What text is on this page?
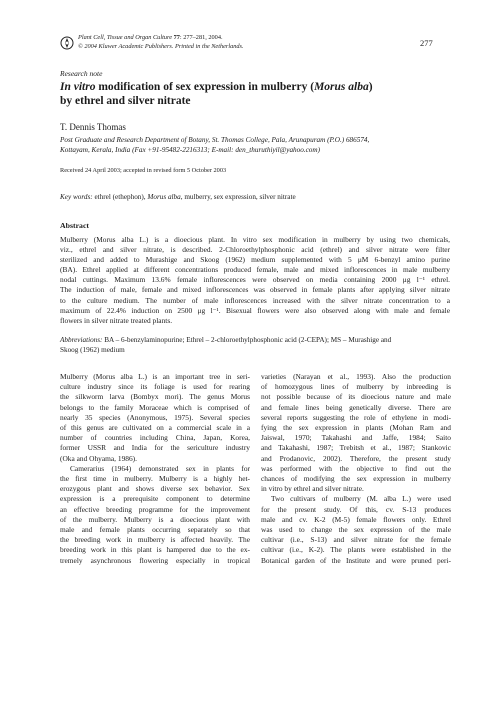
Plant Cell, Tissue and Organ Culture 77: 277–281, 2004.
© 2004 Kluwer Academic Publishers. Printed in the Netherlands.	277
Research note
In vitro modification of sex expression in mulberry (Morus alba)
by ethrel and silver nitrate
T. Dennis Thomas
Post Graduate and Research Department of Botany, St. Thomas College, Pala, Arunapuram (P.O.) 686574,
Kottayam, Kerala, India (Fax +91-95482-2216313; E-mail: den_thuruthiyil@yahoo.com)
Received 24 April 2003; accepted in revised form 5 October 2003
Key words: ethrel (ethephon), Morus alba, mulberry, sex expression, silver nitrate
Abstract
Mulberry (Morus alba L.) is a dioecious plant. In vitro sex modification in mulberry by using two chemicals,
viz., ethrel and silver nitrate, is described. 2-Chloroethylphosphonic acid (ethrel) and silver nitrate were filter
sterilized and added to Murashige and Skoog (1962) medium supplemented with 5 μM 6-benzyl amino purine
(BA). Ethrel applied at different concentrations produced female, male and mixed inflorescences in male mulberry
nodal cuttings. Maximum 13.6% female inflorescences were observed on media containing 2000 μg l⁻¹ ethrel.
The induction of male, female and mixed inflorescences was observed in female plants after applying silver nitrate
to the culture medium. The number of male inflorescences increased with the silver nitrate concentration to a
maximum of 22.4% induction on 2500 μg l⁻¹. Bisexual flowers were also observed along with male and female
flowers in silver nitrate treated plants.
Abbreviations: BA – 6-benzylaminopurine; Ethrel – 2-chloroethylphosphonic acid (2-CEPA); MS – Murashige and
Skoog (1962) medium
Mulberry (Morus alba L.) is an important tree in seri-
culture industry since its foliage is used for rearing
the silkworm larva (Bombyx mori). The genus Morus
belongs to the family Moraceae which is comprised of
nearly 35 species (Anonymous, 1975). Several species
of this genus are cultivated on a commercial scale in a
number of countries including China, Japan, Korea,
former USSR and India for the sericulture industry
(Oka and Ohyama, 1986).
Camerarius (1964) demonstrated sex in plants for
the first time in mulberry. Mulberry is a highly het-
erozygous plant and shows diverse sex behavior. Sex
expression is a prerequisite component to determine
an effective breeding programme for the improvement
of the mulberry. Mulberry is a dioecious plant with
male and female plants occurring separately so that
the breeding work in mulberry is affected heavily. The
breeding work in this plant is hampered due to the ex-
tremely asynchronous flowering especially in tropical
varieties (Narayan et al., 1993). Also the production
of homozygous lines of mulberry by inbreeding is
not possible because of its dioecious nature and male
and female lines being genetically diverse. There are
several reports suggesting the role of ethylene in modi-
fying the sex expression in plants (Mohan Ram and
Jaiswal, 1970; Takahashi and Jaffe, 1984; Saito
and Takahashi, 1987; Trebitsh et al., 1987; Stankovic
and Prodanovic, 2002). Therefore, the present study
was performed with the objective to find out the
chances of modifying the sex expression in mulberry
in vitro by ethrel and silver nitrate.
Two cultivars of mulberry (M. alba L.) were used
for the present study. Of this, cv. S-13 produces
male and cv. K-2 (M-5) female flowers only. Ethrel
was used to change the sex expression of the male
cultivar (i.e., S-13) and silver nitrate for the female
cultivar (i.e., K-2). The plants were established in the
Botanical garden of the Institute and were pruned peri-
